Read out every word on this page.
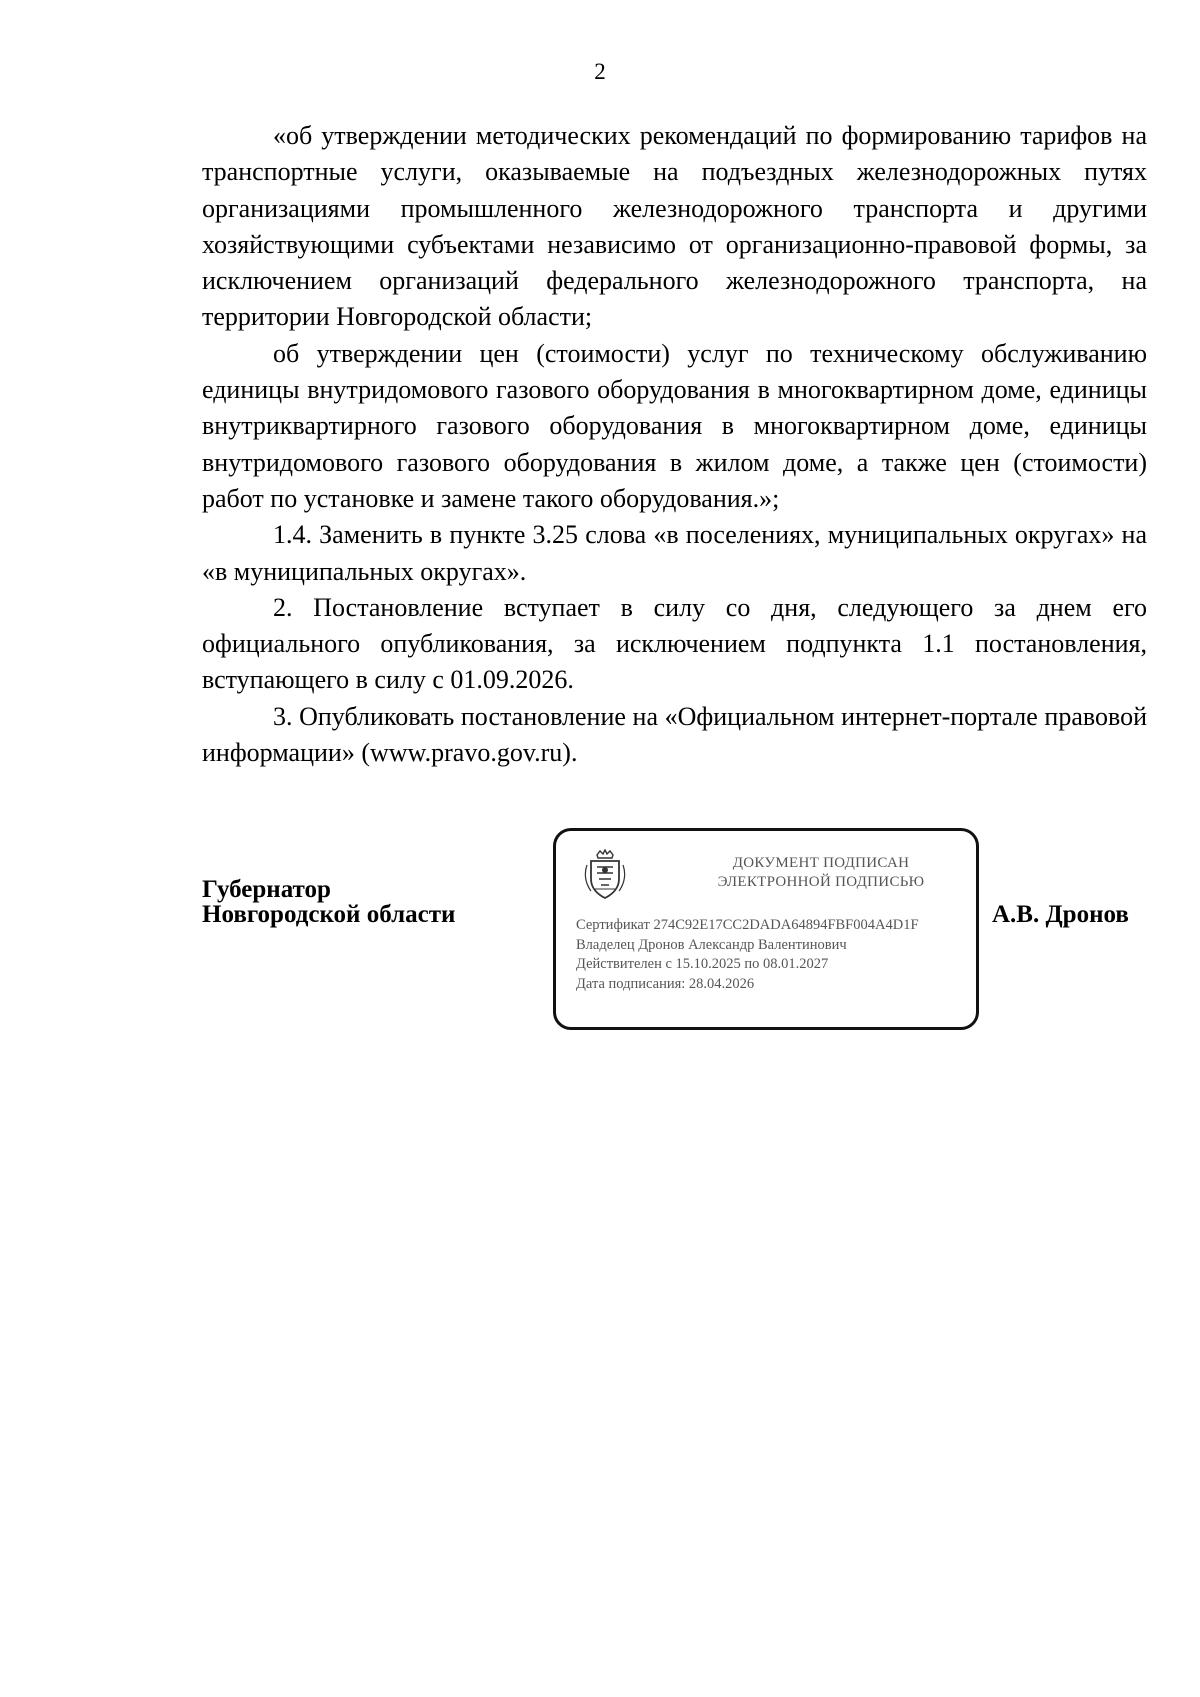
2

«об утверждении методических рекомендаций по формированию тарифов на транспортные услуги, оказываемые на подъездных железнодорожных путях организациями промышленного железнодорожного транспорта и другими хозяйствующими субъектами независимо от организационно-правовой формы, за исключением организаций федерального железнодорожного транспорта, на территории Новгородской области;

об утверждении цен (стоимости) услуг по техническому обслуживанию единицы внутридомового газового оборудования в многоквартирном доме, единицы внутриквартирного газового оборудования в многоквартирном доме, единицы внутридомового газового оборудования в жилом доме, а также цен (стоимости) работ по установке и замене такого оборудования.»;

1.4. Заменить в пункте 3.25 слова «в поселениях, муниципальных округах» на «в муниципальных округах».

2. Постановление вступает в силу со дня, следующего за днем его официального опубликования, за исключением подпункта 1.1 постановления, вступающего в силу с 01.09.2026.

3. Опубликовать постановление на «Официальном интернет-портале правовой информации» (www.pravo.gov.ru).

Губернатор
Новгородской области
ДОКУМЕНТ ПОДПИСАН
ЭЛЕКТРОННОЙ ПОДПИСЬЮ
Сертификат 274C92E17CC2DADA64894FBF004A4D1F
Владелец Дронов Александр Валентинович
Действителен с 15.10.2025 по 08.01.2027
Дата подписания: 28.04.2026
А.В. Дронов
